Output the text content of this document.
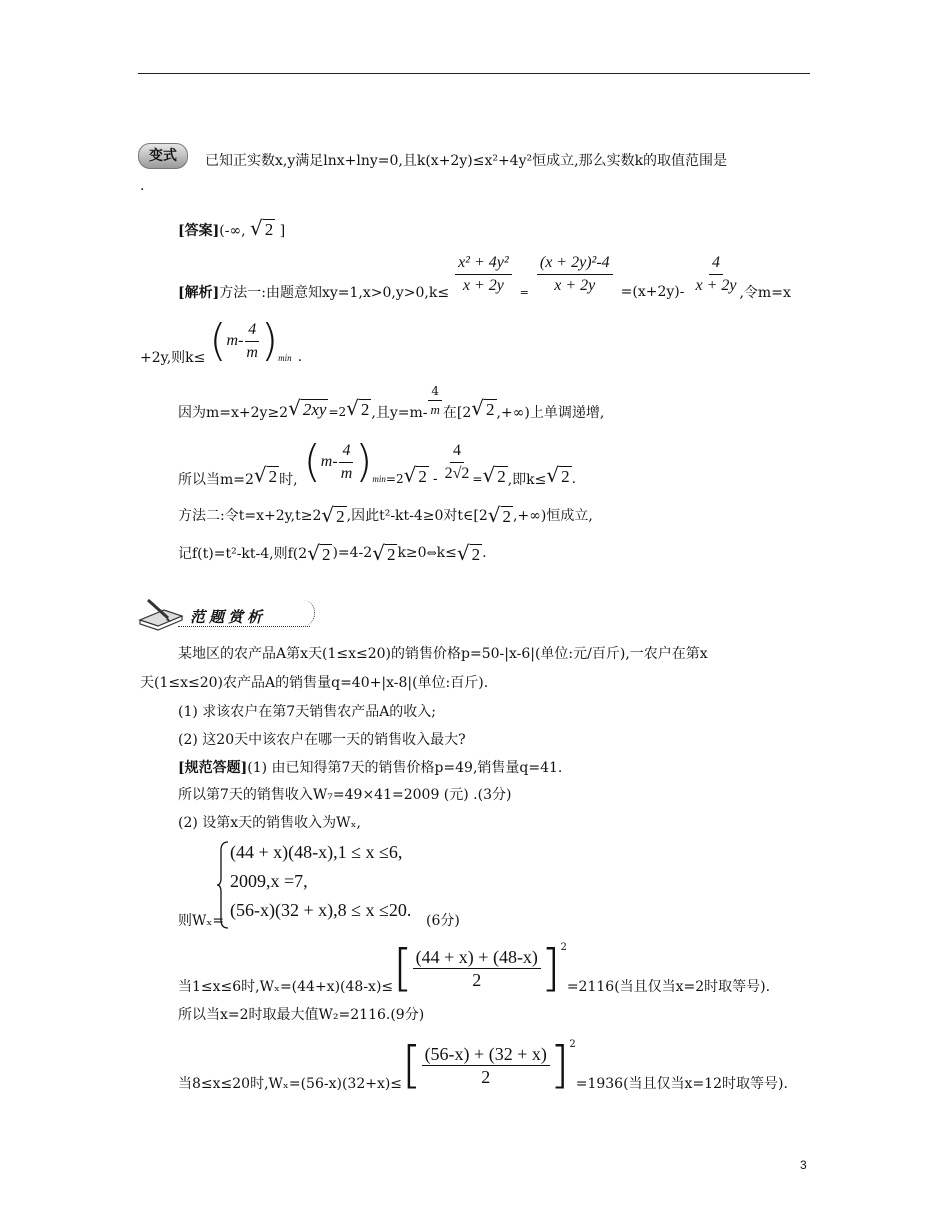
变式	已知正实数x,y满足lnx+lny=0,且k(x+2y)≤x²+4y²恒成立,那么实数k的取值范围是
.
[答案](-∞, √ 2 ]
[解析] 方法一:由题意知$xy=1,x>0,y>0,k\le \frac{\text{x² + 4y²}}{x + 2y} = \frac{\text{(x + 2y)²-4}}{x + 2y} =(x+2y)- \frac{4}{x + 2y}$ ,令m=x
+2y,则k≤ ( $m- \frac{4}{m}$ ) min .
因为m=x+2y≥2 √ 2xy =2 √ 2 ,且$y=m- \frac{4}{m}$ 在[2 √ 2 ,+∞)上单调递增,
所以当m=2 √ 2 时, ( $m- \frac{4}{m}$ ) min =2 √ $2 - \frac{4}{2√2}$ = √ 2 ,即k≤ √ 2 .
方法二:令t=x+2y,t≥2 √ 2 ,因此t²-kt-4≥0对t∈[2 √ 2 ,+∞)恒成立,
记f(t)=t²-kt-4,则f(2 √ 2 )=4-2 √ 2 k≥0 ⇔ k≤ √ 2 .
范题赏析
某地区的农产品A第x天(1≤x≤20)的销售价格p=50-|x-6|(单位:元/百斤),一农户在第x
天(1≤x≤20)农产品A的销售量q=40+|x-8|(单位:百斤).
(1) 求该农户在第7天销售农产品A的收入;
(2) 这20天中该农户在哪一天的销售收入最大?
[规范答题](1) 由已知得第7天的销售价格p=49,销售量q=41.
所以第7天的销售收入W₇=49×41=2009 (元) .(3分)
(2) 设第x天的销售收入为Wₓ,
则Wₓ=
(44 + x)(48-x),1 ≤ x ≤6,
2009,x =7,
(56-x)(32 + x),8 ≤ x ≤20.
(6分)
当1≤x≤6时,Wₓ=(44+x)(48-x)≤ [ $\frac{(44 + x) + (48-x)}{2}$ ] 2
=2116(当且仅当x=2时取等号).
所以当x=2时取最大值W₂=2116.(9分)
当8≤x≤20时,Wₓ=(56-x)(32+x)≤ [ $\frac{(56-x) + (32 + x)}{2}$ ] 2
=1936(当且仅当x=12时取等号).
3
